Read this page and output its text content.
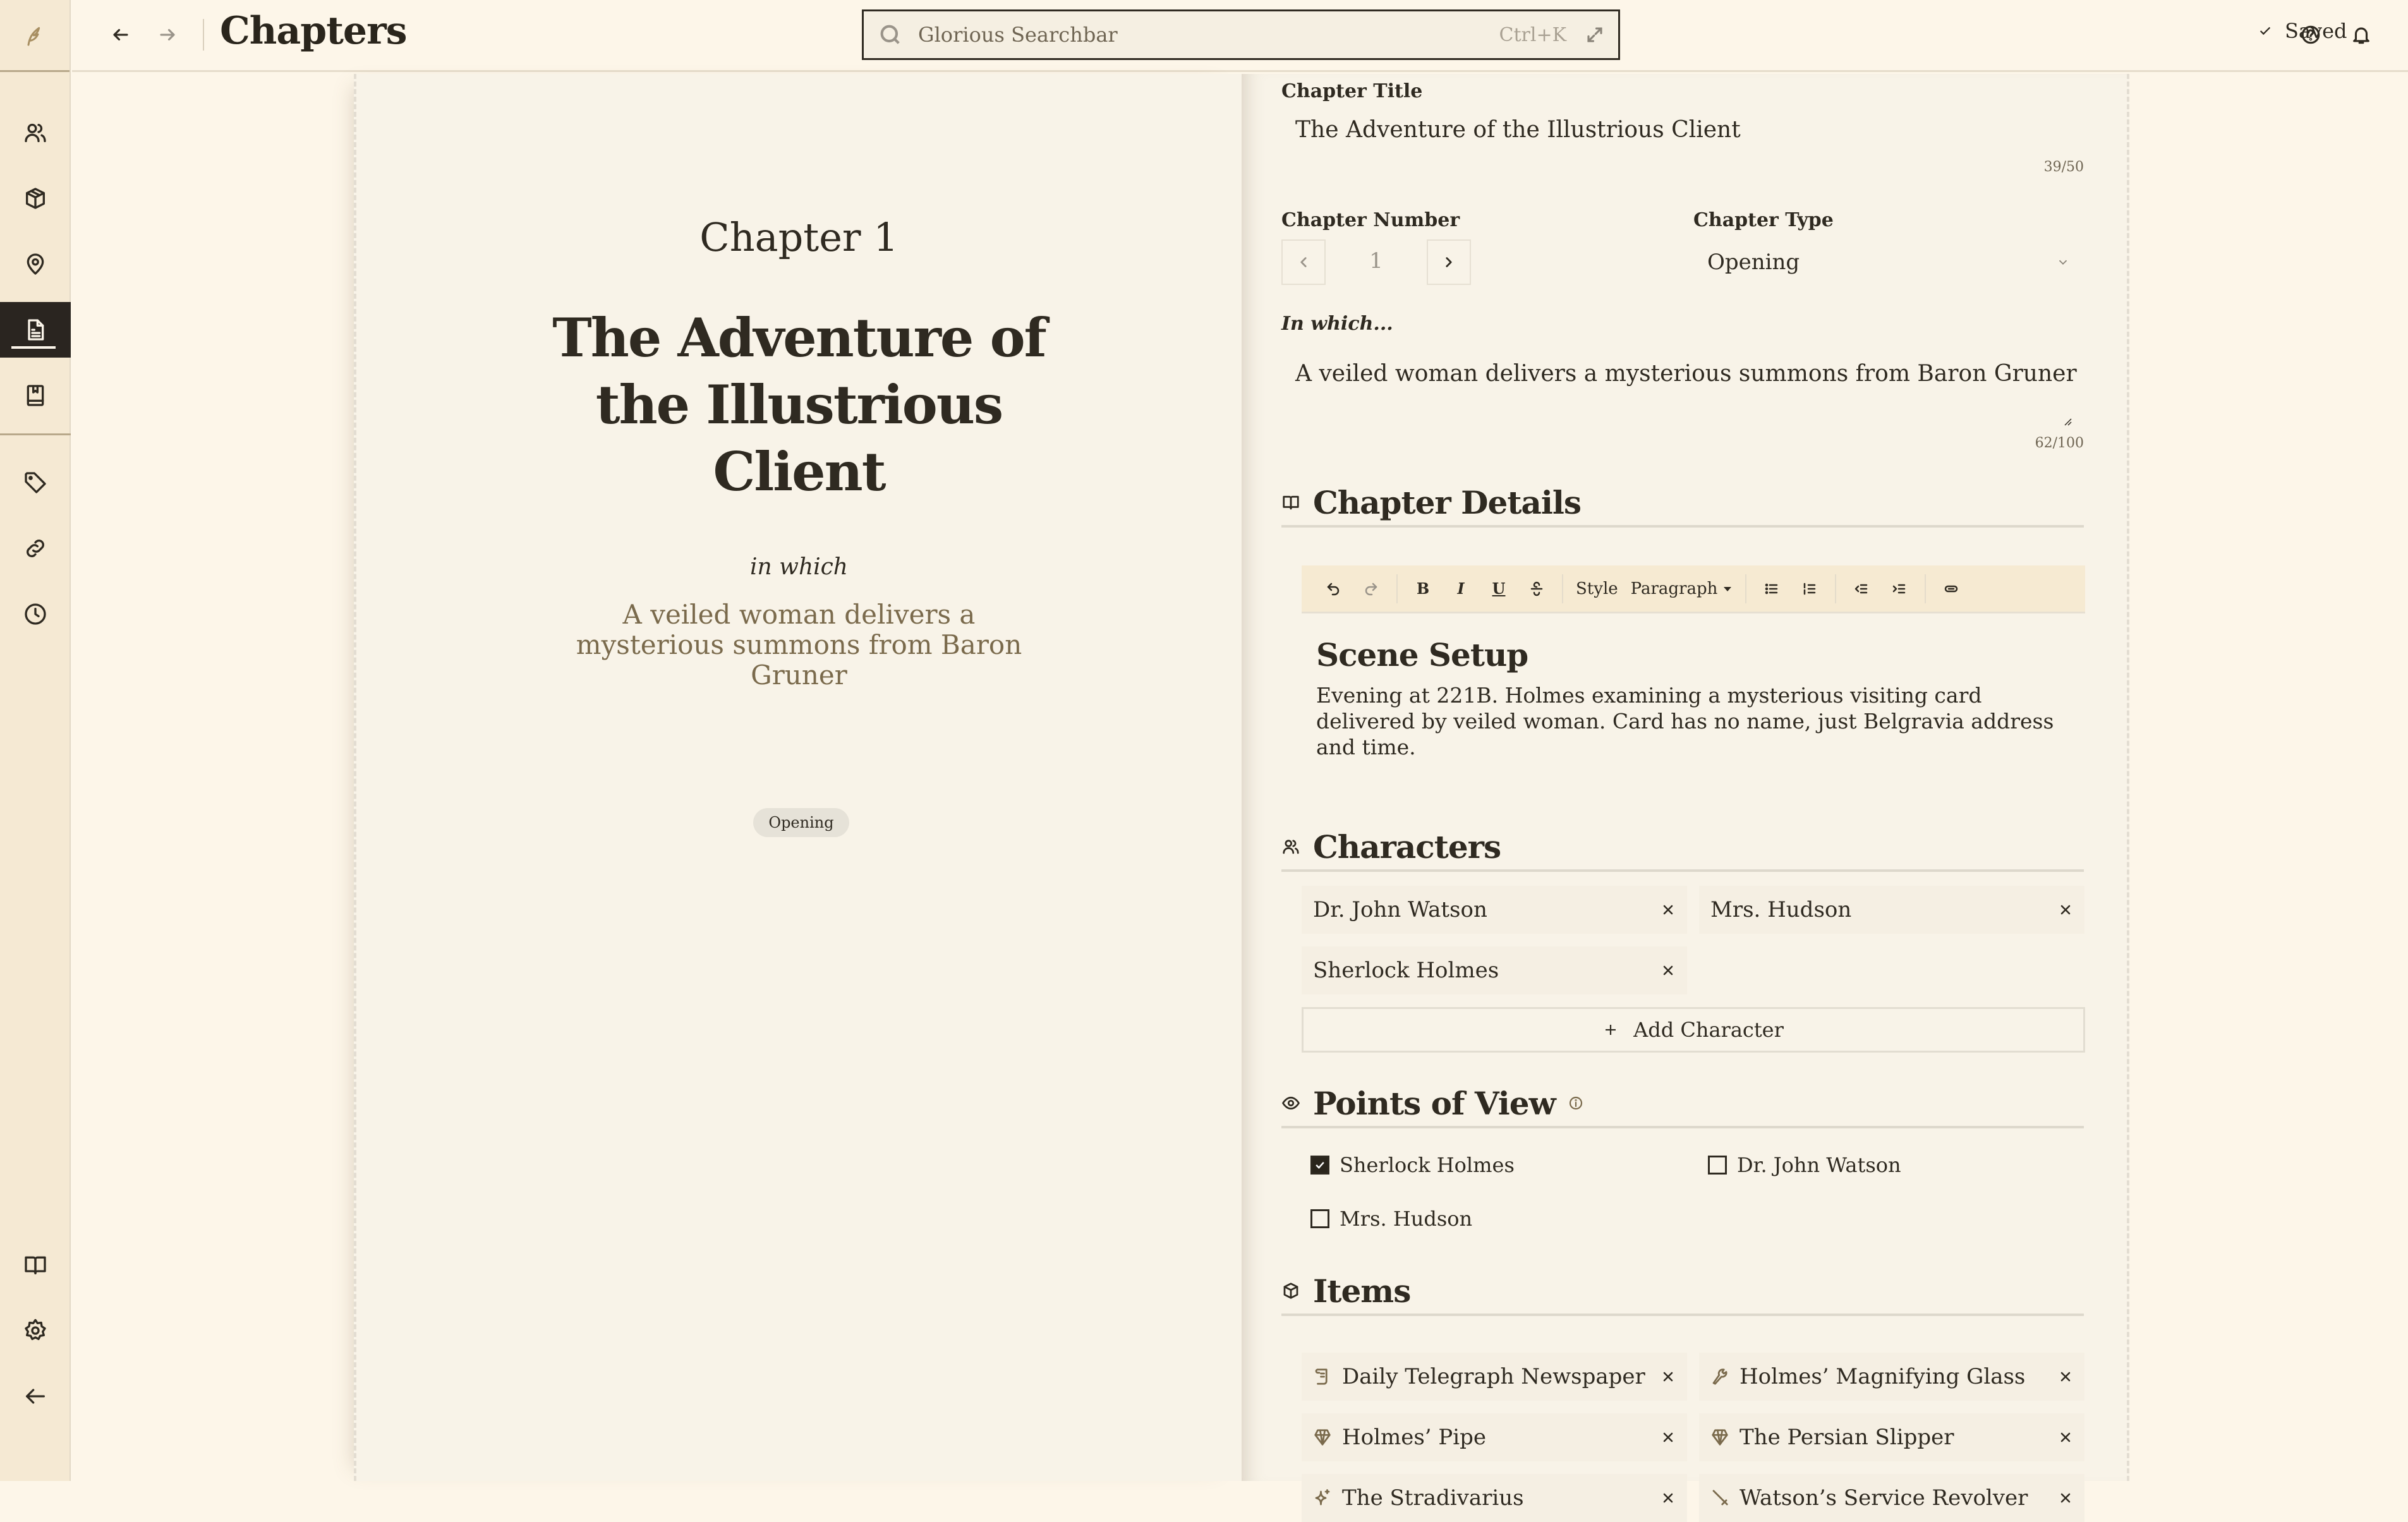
Chapters	Glorious Searchbar	Ctrl+K	Saved
Chapter 1
The Adventure of the Illustrious Client
in which
A veiled woman delivers a mysterious summons from Baron Gruner
Opening
Chapter Title
The Adventure of the Illustrious Client
39/50
Chapter Number
1
Chapter Type
Opening
In which...
A veiled woman delivers a mysterious summons from Baron Gruner
62/100
Chapter Details
B	I	U	Style Paragraph
Scene Setup
Evening at 221B. Holmes examining a mysterious visiting card delivered by veiled woman. Card has no name, just Belgravia address and time.
Characters
Dr. John Watson	Mrs. Hudson
Sherlock Holmes
Add Character
Points of View
Sherlock Holmes	Dr. John Watson
Mrs. Hudson
Items
Daily Telegraph Newspaper	Holmes’ Magnifying Glass
Holmes’ Pipe	The Persian Slipper
The Stradivarius	Watson’s Service Revolver
